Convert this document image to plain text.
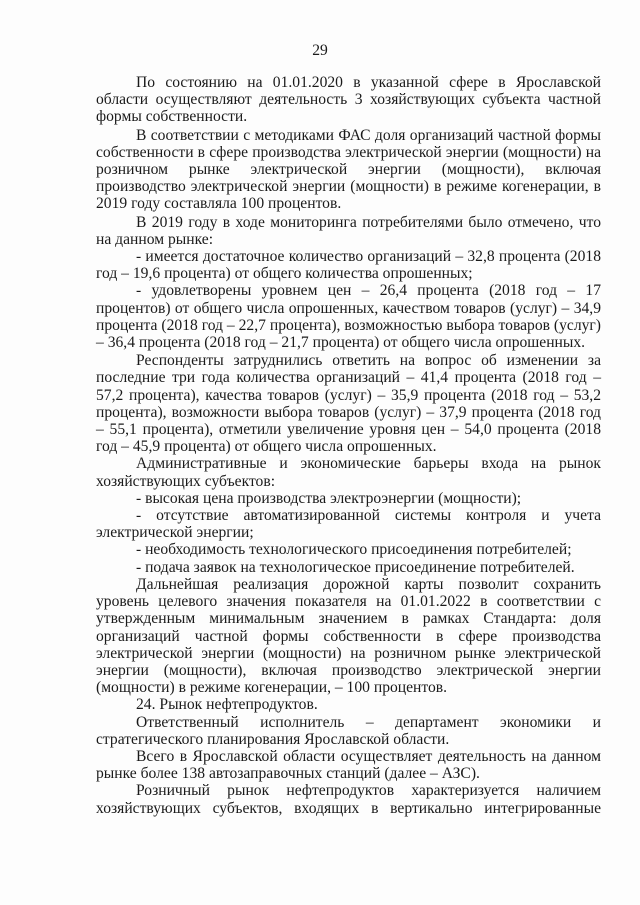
29

По состоянию на 01.01.2020 в указанной сфере в Ярославской области осуществляют деятельность 3 хозяйствующих субъекта частной формы собственности.

В соответствии с методиками ФАС доля организаций частной формы собственности в сфере производства электрической энергии (мощности) на розничном рынке электрической энергии (мощности), включая производство электрической энергии (мощности) в режиме когенерации, в 2019 году составляла 100 процентов.

В 2019 году в ходе мониторинга потребителями было отмечено, что на данном рынке:

- имеется достаточное количество организаций – 32,8 процента (2018 год – 19,6 процента) от общего количества опрошенных;

- удовлетворены уровнем цен – 26,4 процента (2018 год – 17 процентов) от общего числа опрошенных, качеством товаров (услуг) – 34,9 процента (2018 год – 22,7 процента), возможностью выбора товаров (услуг) – 36,4 процента (2018 год – 21,7 процента) от общего числа опрошенных.

Респонденты затруднились ответить на вопрос об изменении за последние три года количества организаций – 41,4 процента (2018 год – 57,2 процента), качества товаров (услуг) – 35,9 процента (2018 год – 53,2 процента), возможности выбора товаров (услуг) – 37,9 процента (2018 год – 55,1 процента), отметили увеличение уровня цен – 54,0 процента (2018 год – 45,9 процента) от общего числа опрошенных.

Административные и экономические барьеры входа на рынок хозяйствующих субъектов:

- высокая цена производства электроэнергии (мощности);

- отсутствие автоматизированной системы контроля и учета электрической энергии;

- необходимость технологического присоединения потребителей;

- подача заявок на технологическое присоединение потребителей.

Дальнейшая реализация дорожной карты позволит сохранить уровень целевого значения показателя на 01.01.2022 в соответствии с утвержденным минимальным значением в рамках Стандарта: доля организаций частной формы собственности в сфере производства электрической энергии (мощности) на розничном рынке электрической энергии (мощности), включая производство электрической энергии (мощности) в режиме когенерации, – 100 процентов.

24. Рынок нефтепродуктов.

Ответственный исполнитель – департамент экономики и стратегического планирования Ярославской области.

Всего в Ярославской области осуществляет деятельность на данном рынке более 138 автозаправочных станций (далее – АЗС).

Розничный рынок нефтепродуктов характеризуется наличием хозяйствующих субъектов, входящих в вертикально интегрированные
